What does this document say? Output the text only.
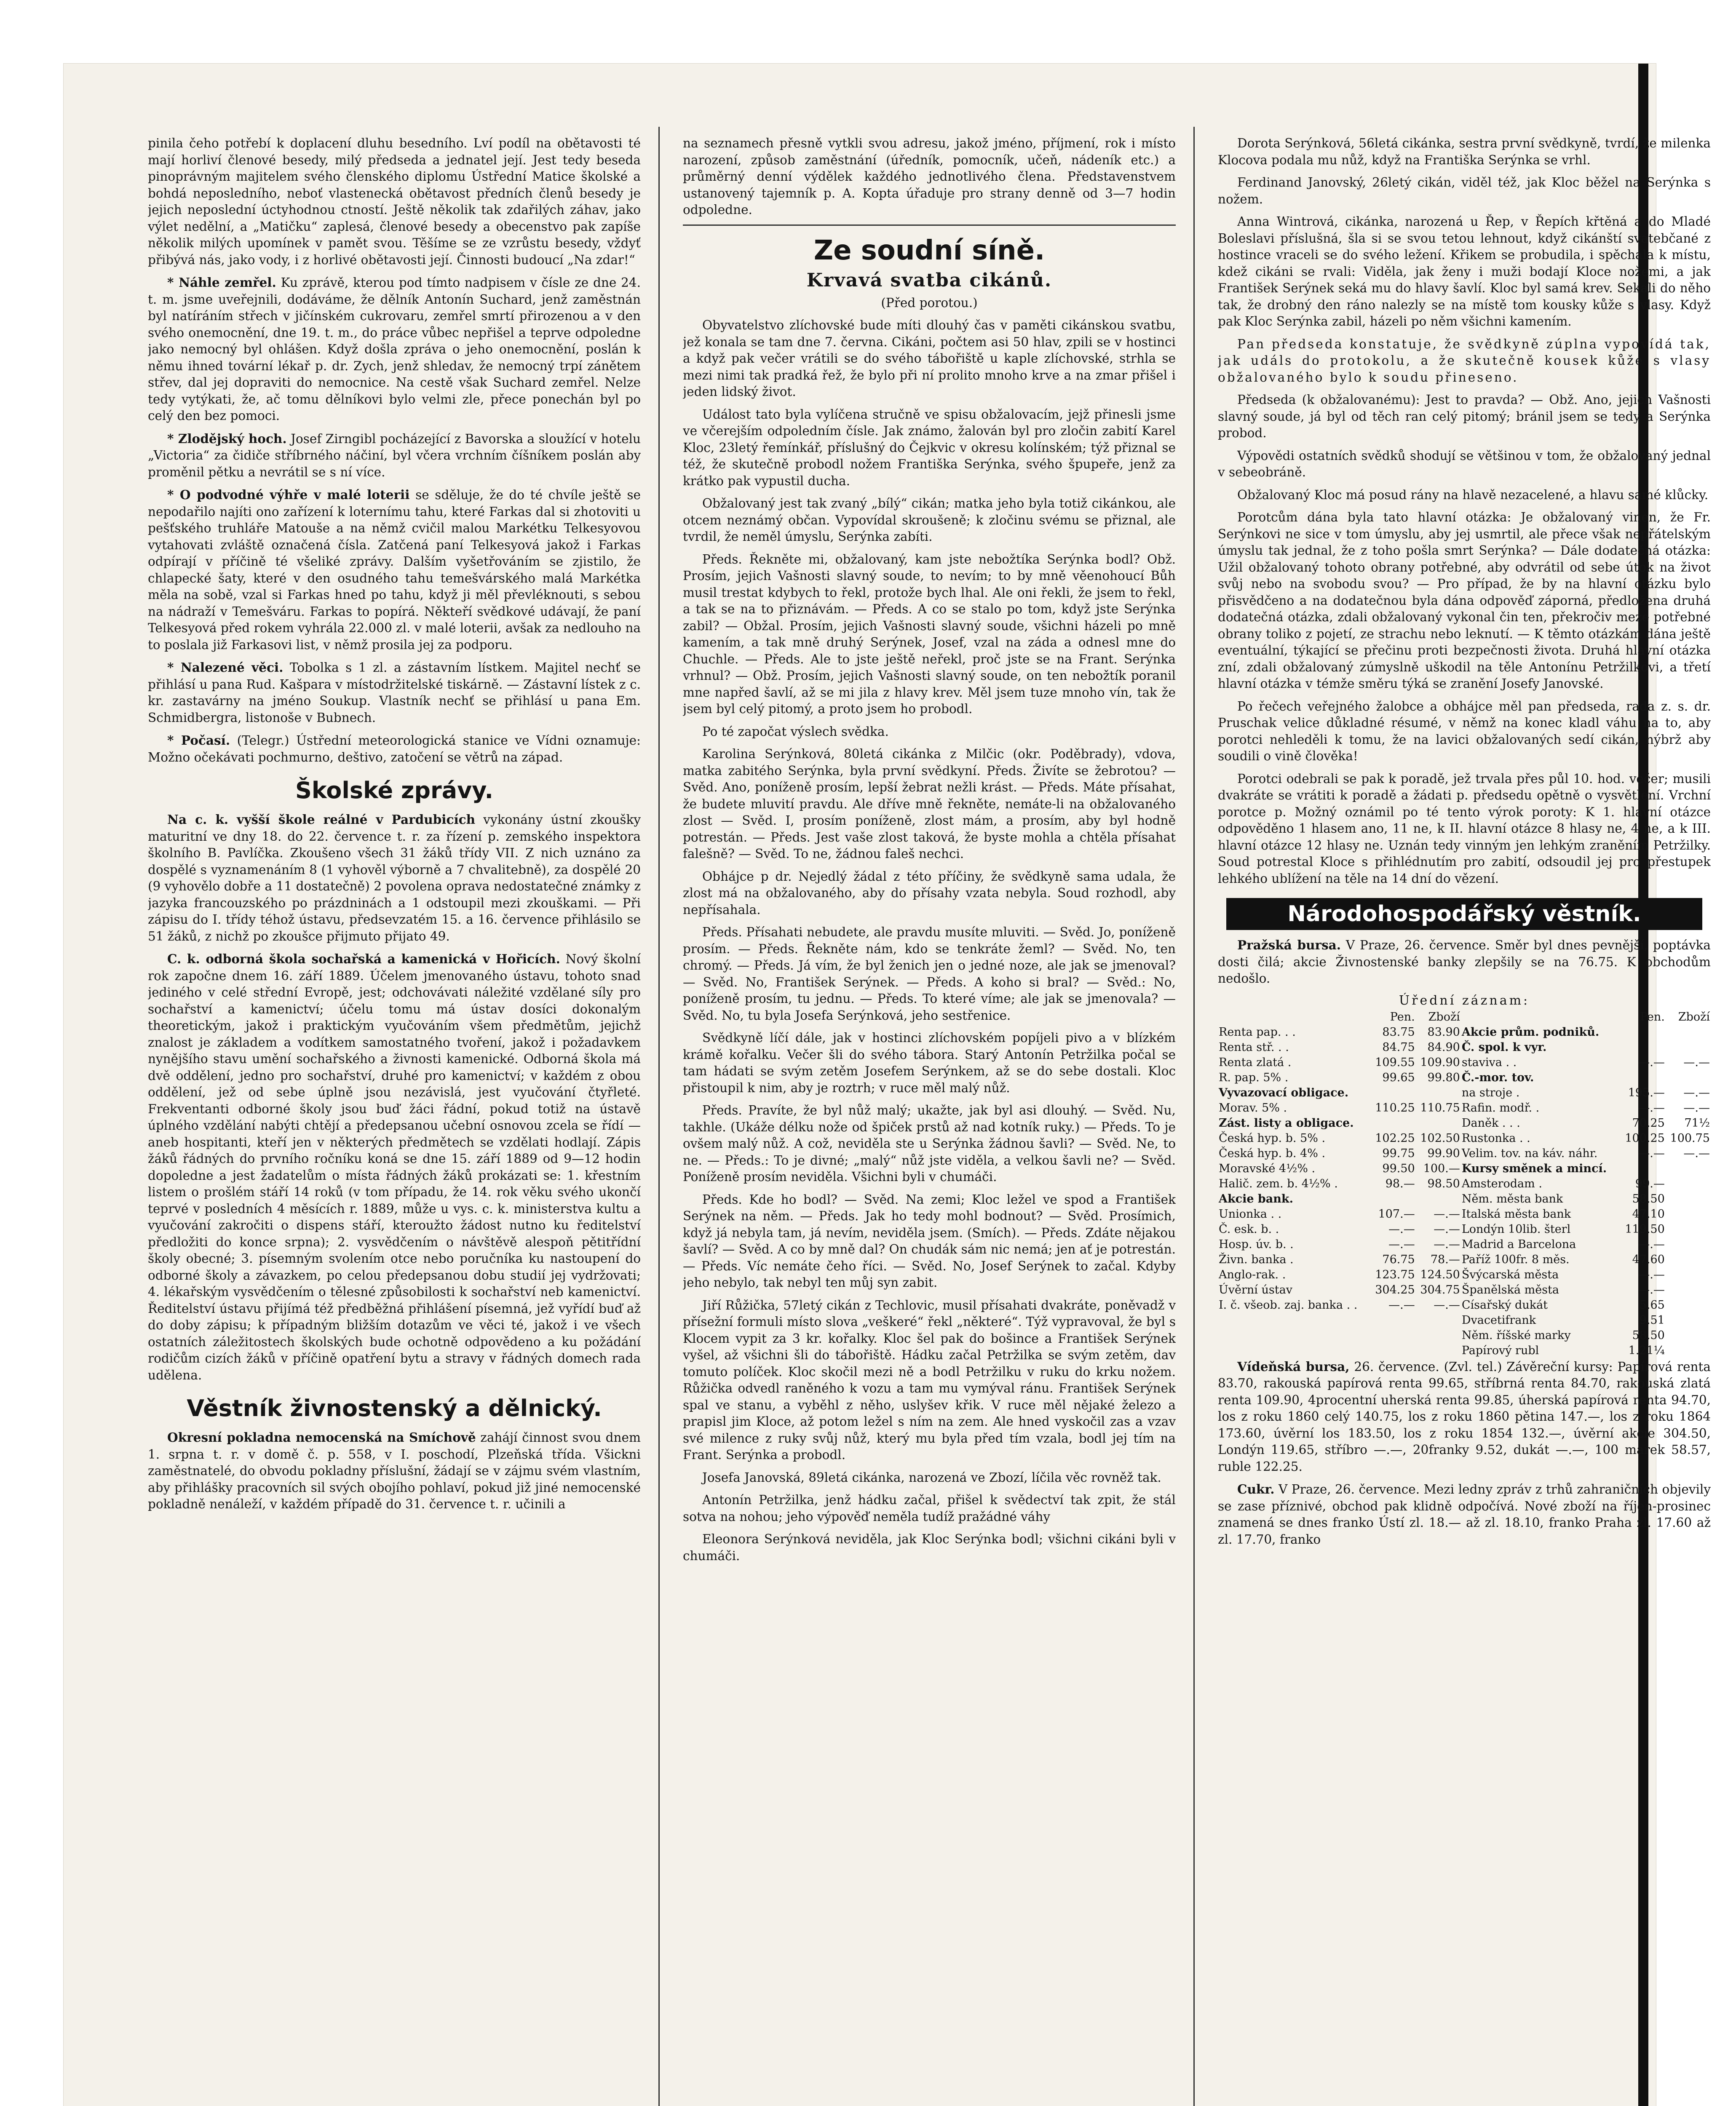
pinila čeho potřebí k doplacení dluhu besedního. Lví podíl na obětavosti té mají horliví členové besedy, milý předseda a jednatel její. Jest tedy beseda pinoprávným majitelem svého členského diplomu Ústřední Matice školské a bohdá neposledního, neboť vlastenecká obětavost předních členů besedy je jejich neposlední úctyhodnou ctností. Ještě několik tak zdařilých záhav, jako výlet nedělní, a „Matičku“ zaplesá, členové besedy a obecenstvo pak zapíše několik milých upomínek v pamět svou. Těšíme se ze vzrůstu besedy, vždyť přibývá nás, jako vody, i z horlivé obětavosti její. Činnosti budoucí „Na zdar!“

* Náhle zemřel. Ku zprávě, kterou pod tímto nadpisem v čísle ze dne 24. t. m. jsme uveřejnili, dodáváme, že dělník Antonín Suchard, jenž zaměstnán byl natíráním střech v jičínském cukrovaru, zemřel smrtí přirozenou a v den svého onemocnění, dne 19. t. m., do práce vůbec nepřišel a teprve odpoledne jako nemocný byl ohlášen. Když došla zpráva o jeho onemocnění, poslán k němu ihned tovární lékař p. dr. Zych, jenž shledav, že nemocný trpí zánětem střev, dal jej dopraviti do nemocnice. Na cestě však Suchard zemřel. Nelze tedy vytýkati, že, ač tomu dělníkovi bylo velmi zle, přece ponechán byl po celý den bez pomoci.

* Zlodějský hoch. Josef Zirngibl pocházející z Bavorska a sloužící v hotelu „Victoria“ za čidiče stříbrného náčiní, byl včera vrchním číšníkem poslán aby proměnil pětku a nevrátil se s ní více.

* O podvodné výhře v malé loterii se sděluje, že do té chvíle ještě se nepodařilo najíti ono zařízení k loternímu tahu, které Farkas dal si zhotoviti u pešťského truhláře Matouše a na němž cvičil malou Markétku Telkesyovou vytahovati zvláště označená čísla. Zatčená paní Telkesyová jakož i Farkas odpírají v příčině té všeliké zprávy. Dalším vyšetřováním se zjistilo, že chlapecké šaty, které v den osudného tahu temešvárského malá Markétka měla na sobě, vzal si Farkas hned po tahu, když ji měl převléknouti, s sebou na nádraží v Temešváru. Farkas to popírá. Někteří svědkové udávají, že paní Telkesyová před rokem vyhrála 22.000 zl. v malé loterii, avšak za nedlouho na to poslala již Farkasovi list, v němž prosila jej za podporu.

* Nalezené věci. Tobolka s 1 zl. a zástavním lístkem. Majitel nechť se přihlásí u pana Rud. Kašpara v místodržitelské tiskárně. — Zástavní lístek z c. kr. zastavárny na jméno Soukup. Vlastník nechť se přihlásí u pana Em. Schmidbergra, listonoše v Bubnech.

* Počasí. (Telegr.) Ústřední meteorologická stanice ve Vídni oznamuje: Možno očekávati pochmurno, deštivo, zatočení se větrů na západ.

Školské zprávy.

Na c. k. vyšší škole reálné v Pardubicích vykonány ústní zkoušky maturitní ve dny 18. do 22. července t. r. za řízení p. zemského inspektora školního B. Pavlíčka. Zkoušeno všech 31 žáků třídy VII. Z nich uznáno za dospělé s vyznamenáním 8 (1 vyhověl výborně a 7 chvalitebně), za dospělé 20 (9 vyhovělo dobře a 11 dostatečně) 2 povolena oprava nedostatečné známky z jazyka francouzského po prázdninách a 1 odstoupil mezi zkouškami. — Při zápisu do I. třídy téhož ústavu, předsevzatém 15. a 16. července přihlásilo se 51 žáků, z nichž po zkoušce přijmuto přijato 49.

C. k. odborná škola sochařská a kamenická v Hořicích. Nový školní rok započne dnem 16. září 1889. Účelem jmenovaného ústavu, tohoto snad jediného v celé střední Evropě, jest; odchovávati náležité vzdělané síly pro sochařství a kamenictví; účelu tomu má ústav dosíci dokonalým theoretickým, jakož i praktickým vyučováním všem předmětům, jejichž znalost je základem a vodítkem samostatného tvoření, jakož i požadavkem nynějšího stavu umění sochařského a živnosti kamenické. Odborná škola má dvě oddělení, jedno pro sochařství, druhé pro kamenictví; v každém z obou oddělení, jež od sebe úplně jsou nezávislá, jest vyučování čtyřleté. Frekventanti odborné školy jsou buď žáci řádní, pokud totiž na ústavě úplného vzdělání nabýti chtějí a předepsanou učební osnovou zcela se řídí — aneb hospitanti, kteří jen v některých předmětech se vzdělati hodlají. Zápis žáků řádných do prvního ročníku koná se dne 15. září 1889 od 9—12 hodin dopoledne a jest žadatelům o místa řádných žáků prokázati se: 1. křestním listem o prošlém stáří 14 roků (v tom případu, že 14. rok věku svého ukončí teprvé v posledních 4 měsících r. 1889, může u vys. c. k. ministerstva kultu a vyučování zakročiti o dispens stáří, kteroužto žádost nutno ku ředitelství předložiti do konce srpna); 2. vysvědčením o návštěvě alespoň pětitřídní školy obecné; 3. písemným svolením otce nebo poručníka ku nastoupení do odborné školy a závazkem, po celou předepsanou dobu studií jej vydržovati; 4. lékařským vysvědčením o tělesné způsobilosti k sochařství neb kamenictví. Ředitelství ústavu přijímá též předběžná přihlášení písemná, jež vyřídí buď až do doby zápisu; k případným bližším dotazům ve věci té, jakož i ve všech ostatních záležitostech školských bude ochotně odpovědeno a ku požádání rodičům cizích žáků v příčině opatření bytu a stravy v řádných domech rada udělena.

Věstník živnostenský a dělnický.

Okresní pokladna nemocenská na Smíchově zahájí činnost svou dnem 1. srpna t. r. v domě č. p. 558, v I. poschodí, Plzeňská třída. Všickni zaměstnatelé, do obvodu pokladny příslušní, žádají se v zájmu svém vlastním, aby přihlášky pracovních sil svých obojího pohlaví, pokud již jiné nemocenské pokladně nenáleží, v každém případě do 31. července t. r. učinili a

na seznamech přesně vytkli svou adresu, jakož jméno, příjmení, rok i místo narození, způsob zaměstnání (úředník, pomocník, učeň, nádeník etc.) a průměrný denní výdělek každého jednotlivého člena. Představenstvem ustanovený tajemník p. A. Kopta úřaduje pro strany denně od 3—7 hodin odpoledne.

Ze soudní síně.
Krvavá svatba cikánů.

(Před porotou.)

Obyvatelstvo zlíchovské bude míti dlouhý čas v paměti cikánskou svatbu, jež konala se tam dne 7. června. Cikáni, počtem asi 50 hlav, zpili se v hostinci a když pak večer vrátili se do svého tábořiště u kaple zlíchovské, strhla se mezi nimi tak pradká řež, že bylo při ní prolito mnoho krve a na zmar přišel i jeden lidský život.

Událost tato byla vylíčena stručně ve spisu obžalovacím, jejž přinesli jsme ve včerejším odpoledním čísle. Jak známo, žalován byl pro zločin zabití Karel Kloc, 23letý řemínkář, příslušný do Čejkvic v okresu kolínském; týž přiznal se též, že skutečně probodl nožem Františka Serýnka, svého špupeře, jenž za krátko pak vypustil ducha.

Obžalovaný jest tak zvaný „bílý“ cikán; matka jeho byla totiž cikánkou, ale otcem neznámý občan. Vypovídal skroušeně; k zločinu svému se přiznal, ale tvrdil, že neměl úmyslu, Serýnka zabíti.

Předs. Řekněte mi, obžalovaný, kam jste nebožtíka Serýnka bodl? Obž. Prosím, jejich Vašnosti slavný soude, to nevím; to by mně věenohoucí Bůh musil trestat kdybych to řekl, protože bych lhal. Ale oni řekli, že jsem to řekl, a tak se na to přiznávám. — Předs. A co se stalo po tom, když jste Serýnka zabil? — Obžal. Prosím, jejich Vašnosti slavný soude, všichni házeli po mně kamením, a tak mně druhý Serýnek, Josef, vzal na záda a odnesl mne do Chuchle. — Předs. Ale to jste ještě neřekl, proč jste se na Frant. Serýnka vrhnul? — Obž. Prosím, jejich Vašnosti slavný soude, on ten nebožtík poranil mne napřed šavlí, až se mi jila z hlavy krev. Měl jsem tuze mnoho vín, tak že jsem byl celý pitomý, a proto jsem ho probodl.

Po té započat výslech svědka.

Karolina Serýnková, 80letá cikánka z Milčic (okr. Poděbrady), vdova, matka zabitého Serýnka, byla první svědkyní. Předs. Živíte se žebrotou? — Svěd. Ano, poníženě prosím, lepší žebrat nežli krást. — Předs. Máte přísahat, že budete mluvití pravdu. Ale dříve mně řekněte, nemáte-li na obžalovaného zlost — Svěd. I, prosím poníženě, zlost mám, a prosím, aby byl hodně potrestán. — Předs. Jest vaše zlost taková, že byste mohla a chtěla přísahat falešně? — Svěd. To ne, žádnou faleš nechci.

Obhájce p dr. Nejedlý žádal z této příčiny, že svědkyně sama udala, že zlost má na obžalovaného, aby do přísahy vzata nebyla. Soud rozhodl, aby nepřísahala.

Předs. Přísahati nebudete, ale pravdu musíte mluviti. — Svěd. Jo, poníženě prosím. — Předs. Řekněte nám, kdo se tenkráte žeml? — Svěd. No, ten chromý. — Předs. Já vím, že byl ženich jen o jedné noze, ale jak se jmenoval? — Svěd. No, František Serýnek. — Předs. A koho si bral? — Svěd.: No, poníženě prosím, tu jednu. — Předs. To které víme; ale jak se jmenovala? — Svěd. No, tu byla Josefa Serýnková, jeho sestřenice.

Svědkyně líčí dále, jak v hostinci zlíchovském popíjeli pivo a v blízkém krámě kořalku. Večer šli do svého tábora. Starý Antonín Petržilka počal se tam hádati se svým zetěm Josefem Serýnkem, až se do sebe dostali. Kloc přistoupil k nim, aby je roztrh; v ruce měl malý nůž.

Předs. Pravíte, že byl nůž malý; ukažte, jak byl asi dlouhý. — Svěd. Nu, takhle. (Ukáže délku nože od špiček prstů až nad kotník ruky.) — Předs. To je ovšem malý nůž. A což, neviděla ste u Serýnka žádnou šavli? — Svěd. Ne, to ne. — Předs.: To je divné; „malý“ nůž jste viděla, a velkou šavli ne? — Svěd. Poníženě prosím neviděla. Všichni byli v chumáči.

Předs. Kde ho bodl? — Svěd. Na zemi; Kloc ležel ve spod a František Serýnek na něm. — Předs. Jak ho tedy mohl bodnout? — Svěd. Prosímich, když já nebyla tam, já nevím, neviděla jsem. (Smích). — Předs. Zdáte nějakou šavlí? — Svěd. A co by mně dal? On chudák sám nic nemá; jen ať je potrestán. — Předs. Víc nemáte čeho říci. — Svěd. No, Josef Serýnek to začal. Kdyby jeho nebylo, tak nebyl ten můj syn zabit.

Jiří Růžička, 57letý cikán z Techlovic, musil přísahati dvakráte, poněvadž v přísežní formuli místo slova „veškeré“ řekl „některé“. Týž vypravoval, že byl s Klocem vypit za 3 kr. kořalky. Kloc šel pak do bošince a František Serýnek vyšel, až všichni šli do tábořiště. Hádku začal Petržilka se svým zetěm, dav tomuto políček. Kloc skočil mezi ně a bodl Petržilku v ruku do krku nožem. Růžička odvedl raněného k vozu a tam mu vymýval ránu. František Serýnek spal ve stanu, a vyběhl z něho, uslyšev křik. V ruce měl nějaké železo a prapisl jim Kloce, až potom ležel s ním na zem. Ale hned vyskočil zas a vzav své milence z ruky svůj nůž, který mu byla před tím vzala, bodl jej tím na Frant. Serýnka a probodl.

Josefa Janovská, 89letá cikánka, narozená ve Zbozí, líčila věc rovněž tak.

Antonín Petržilka, jenž hádku začal, přišel k svědectví tak zpit, že stál sotva na nohou; jeho výpověď neměla tudíž pražádné váhy

Eleonora Serýnková neviděla, jak Kloc Serýnka bodl; všichni cikáni byli v chumáči.

Dorota Serýnková, 56letá cikánka, sestra první svědkyně, tvrdí, že milenka Klocova podala mu nůž, když na Františka Serýnka se vrhl.

Ferdinand Janovský, 26letý cikán, viděl též, jak Kloc běžel na Serýnka s nožem.

Anna Wintrová, cikánka, narozená u Řep, v Řepích křtěná a do Mladé Boleslavi příslušná, šla si se svou tetou lehnout, když cikánští svatebčané z hostince vraceli se do svého ležení. Křikem se probudila, i spěchala k místu, kdež cikáni se rvali: Viděla, jak ženy i muži bodají Kloce nožemi, a jak František Serýnek seká mu do hlavy šavlí. Kloc byl samá krev. Sekali do něho tak, že drobný den ráno nalezly se na místě tom kousky kůže s vlasy. Když pak Kloc Serýnka zabil, házeli po něm všichni kamením.

Pan předseda konstatuje, že svědkyně zúplna vypovídá tak, jak událs do protokolu, a že skutečně kousek kůže s vlasy obžalovaného bylo k soudu přineseno.

Předseda (k obžalovanému): Jest to pravda? — Obž. Ano, jejich Vašnosti slavný soude, já byl od těch ran celý pitomý; bránil jsem se tedy a Serýnka probod.

Výpovědi ostatních svědků shodují se většinou v tom, že obžalovaný jednal v sebeobráně.

Obžalovaný Kloc má posud rány na hlavě nezacelené, a hlavu samé klůcky.

Porotcům dána byla tato hlavní otázka: Je obžalovaný vinen, že Fr. Serýnkovi ne sice v tom úmyslu, aby jej usmrtil, ale přece však nepřátelským úmyslu tak jednal, že z toho pošla smrt Serýnka? — Dále dodatečná otázka: Užil obžalovaný tohoto obrany potřebné, aby odvrátil od sebe útok na život svůj nebo na svobodu svou? — Pro případ, že by na hlavní otázku bylo přisvědčeno a na dodatečnou byla dána odpověď záporná, předložena druhá dodatečná otázka, zdali obžalovaný vykonal čin ten, překročiv meze potřebné obrany toliko z pojetí, ze strachu nebo leknutí. — K těmto otázkám dána ještě eventuální, týkající se přečinu proti bezpečnosti života. Druhá hlavní otázka zní, zdali obžalovaný zúmyslně uškodil na těle Antonínu Petržilkovi, a třetí hlavní otázka v témže směru týká se zranění Josefy Janovské.

Po řečech veřejného žalobce a obhájce měl pan předseda, rada z. s. dr. Pruschak velice důkladné résumé, v němž na konec kladl váhu na to, aby porotci nehleděli k tomu, že na lavici obžalovaných sedí cikán, nýbrž aby soudili o vině člověka!

Porotci odebrali se pak k poradě, jež trvala přes půl 10. hod. večer; musili dvakráte se vrátiti k poradě a žádati p. předsedu opětně o vysvětlení. Vrchní porotce p. Možný oznámil po té tento výrok poroty: K 1. hlavní otázce odpověděno 1 hlasem ano, 11 ne, k II. hlavní otázce 8 hlasy ne, 4 ne, a k III. hlavní otázce 12 hlasy ne. Uznán tedy vinným jen lehkým zraněním Petržilky. Soud potrestal Kloce s přihlédnutím pro zabití, odsoudil jej pro přestupek lehkého ublížení na těle na 14 dní do vězení.

Národohospodářský věstník.

Pražská bursa. V Praze, 26. července. Směr byl dnes pevnější, poptávka dosti čilá; akcie Živnostenské banky zlepšily se na 76.75. K obchodům nedošlo.

Úřední záznam:
	Pen.	Zboží		Pen.	Zboží
Renta pap. . .	83.75	83.90	Akcie prům. podniků.		
Renta stř. . .	84.75	84.90	Č. spol. k vyr.		
Renta zlatá .	109.55	109.90	staviva . .	—.—	—.—
R. pap. 5% .	99.65	99.80	Č.-mor. tov.		
Vyvazovací obligace.			na stroje .	195.—	—.—
Morav. 5% .	110.25	110.75	Rafin. modř. .	—.—	—.—
Zást. listy a obligace.			Daněk . . .	70.25	71½
Česká hyp. b. 5% .	102.25	102.50	Rustonka . .	100.25	100.75
Česká hyp. b. 4% .	99.75	99.90	Velim. tov. na káv. náhr.	—.—	—.—
Moravské 4½% .	99.50	100.—	Kursy směnek a mincí.		
Halič. zem. b. 4½% .	98.—	98.50	Amsterodam .	99.—	
Akcie bank.			Něm. města bank	58.50	
Unionka . .	107.—	—.—	Italská města bank	47.10	
Č. esk. b. .	—.—	—.—	Londýn 10lib. šterl	119.50	
Hosp. úv. b. .	—.—	—.—	Madrid a Barcelona	—.—	
Živn. banka .	76.75	78.—	Paříž 100fr. 8 měs.	47.60	
Anglo-rak. .	123.75	124.50	Švýcarská města	—.—	
Úvěrní ústav	304.25	304.75	Španělská města	—.—	
I. č. všeob. zaj. banka . .	—.—	—.—	Císařský dukát	5.65	
			Dvacetifrank	9.51	
			Něm. říšské marky	58.50	
			Papírový rubl	1.21¼	

Vídeňská bursa, 26. července. (Zvl. tel.) Závěreční kursy: Papírová renta 83.70, rakouská papírová renta 99.65, stříbrná renta 84.70, rakouská zlatá renta 109.90, 4procentní uherská renta 99.85, úherská papírová renta 94.70, los z roku 1860 celý 140.75, los z roku 1860 pětina 147.—, los z roku 1864 173.60, úvěrní los 183.50, los z roku 1854 132.—, úvěrní akcie 304.50, Londýn 119.65, stříbro —.—, 20franky 9.52, dukát —.—, 100 marek 58.57, ruble 122.25.

Cukr. V Praze, 26. července. Mezi ledny zpráv z trhů zahraničních objevily se zase příznivé, obchod pak klidně odpočívá. Nové zboží na říjen-prosinec znamená se dnes franko Ústí zl. 18.— až zl. 18.10, franko Praha zl. 17.60 až zl. 17.70, franko
